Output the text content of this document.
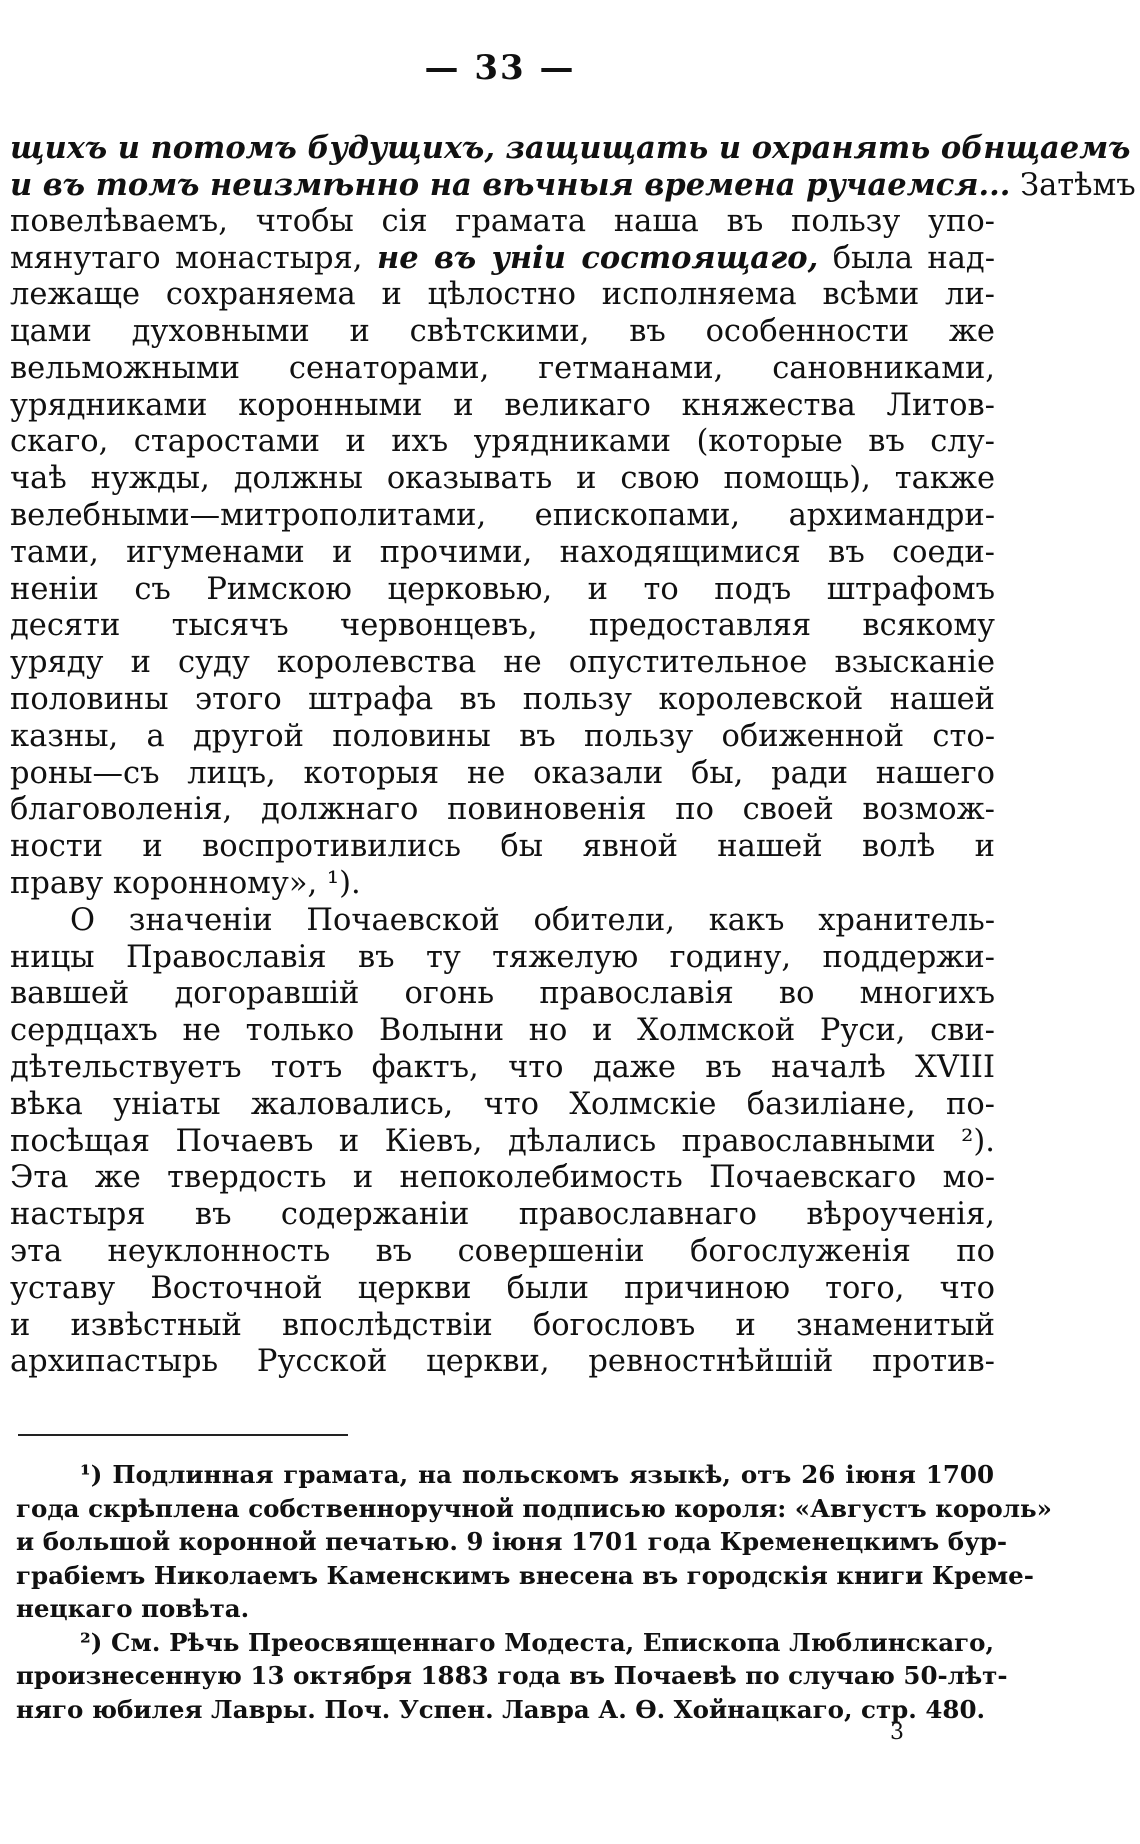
— 33 —
щихъ и потомъ будущихъ, защищать и охранять обнщаемъ
и въ томъ неизмѣнно на вѣчныя времена ручаемся... Затѣмъ
повелѣваемъ, чтобы сія грамата наша въ пользу упо-
мянутаго монастыря, не въ уніи состоящаго, была над-
лежаще сохраняема и цѣлостно исполняема всѣми ли-
цами духовными и свѣтскими, въ особенности же
вельможными сенаторами, гетманами, сановниками,
урядниками коронными и великаго княжества Литов-
скаго, старостами и ихъ урядниками (которые въ слу-
чаѣ нужды, должны оказывать и свою помощь), также
велебными—митрополитами, епископами, архимандри-
тами, игуменами и прочими, находящимися въ соеди-
неніи съ Римскою церковью, и то подъ штрафомъ
десяти тысячъ червонцевъ, предоставляя всякому
уряду и суду королевства не опустительное взысканіе
половины этого штрафа въ пользу королевской нашей
казны, а другой половины въ пользу обиженной сто-
роны—съ лицъ, которыя не оказали бы, ради нашего
благоволенія, должнаго повиновенія по своей возмож-
ности и воспротивились бы явной нашей волѣ и
праву коронному», ¹).
О значеніи Почаевской обители, какъ хранитель-
ницы Православія въ ту тяжелую годину, поддержи-
вавшей догоравшій огонь православія во многихъ
сердцахъ не только Волыни но и Холмской Руси, сви-
дѣтельствуетъ тотъ фактъ, что даже въ началѣ XVIII
вѣка уніаты жаловались, что Холмскіе базиліане, по-
посѣщая Почаевъ и Кіевъ, дѣлались православными ²).
Эта же твердость и непоколебимость Почаевскаго мо-
настыря въ содержаніи православнаго вѣроученія,
эта неуклонность въ совершеніи богослуженія по
уставу Восточной церкви были причиною того, что
и извѣстный впослѣдствіи богословъ и знаменитый
архипастырь Русской церкви, ревностнѣйшій против-
¹) Подлинная грамата, на польскомъ языкѣ, отъ 26 іюня 1700
года скрѣплена собственноручной подписью короля: «Августъ король»
и большой коронной печатью. 9 іюня 1701 года Кременецкимъ бур-
грабіемъ Николаемъ Каменскимъ внесена въ городскія книги Креме-
нецкаго повѣта.
²) См. Рѣчь Преосвященнаго Модеста, Епископа Люблинскаго,
произнесенную 13 октября 1883 года въ Почаевѣ по случаю 50-лѣт-
няго юбилея Лавры. Поч. Успен. Лавра А. Ѳ. Хойнацкаго, стр. 480.
3
